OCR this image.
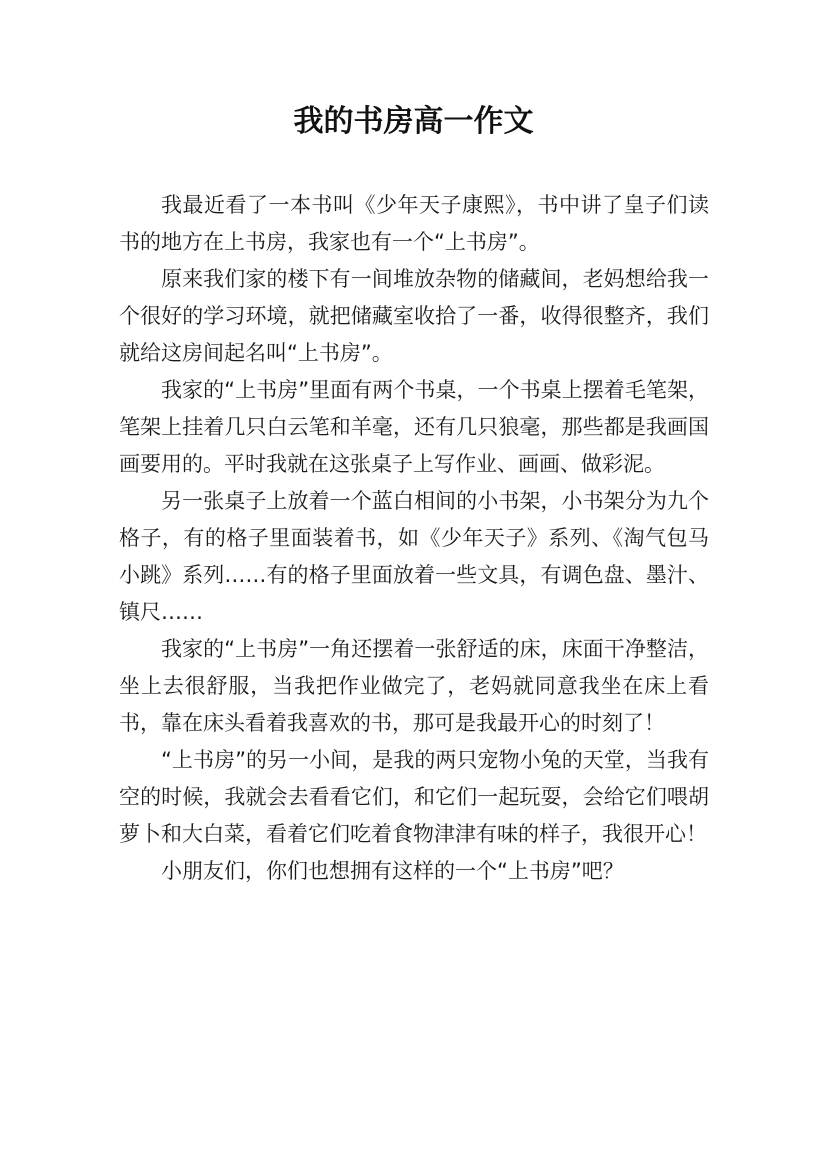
我的书房高一作文

我最近看了一本书叫《少年天子康熙》，书中讲了皇子们读书的地方在上书房，我家也有一个“上书房”。

原来我们家的楼下有一间堆放杂物的储藏间，老妈想给我一个很好的学习环境，就把储藏室收拾了一番，收得很整齐，我们就给这房间起名叫“上书房”。

我家的“上书房”里面有两个书桌，一个书桌上摆着毛笔架，笔架上挂着几只白云笔和羊毫，还有几只狼毫，那些都是我画国画要用的。平时我就在这张桌子上写作业、画画、做彩泥。

另一张桌子上放着一个蓝白相间的小书架，小书架分为九个格子，有的格子里面装着书，如《少年天子》系列、《淘气包马小跳》系列……有的格子里面放着一些文具，有调色盘、墨汁、镇尺……

我家的“上书房”一角还摆着一张舒适的床，床面干净整洁，坐上去很舒服，当我把作业做完了，老妈就同意我坐在床上看书，靠在床头看着我喜欢的书，那可是我最开心的时刻了！

“上书房”的另一小间，是我的两只宠物小兔的天堂，当我有空的时候，我就会去看看它们，和它们一起玩耍，会给它们喂胡萝卜和大白菜，看着它们吃着食物津津有味的样子，我很开心！

小朋友们，你们也想拥有这样的一个“上书房”吧？
